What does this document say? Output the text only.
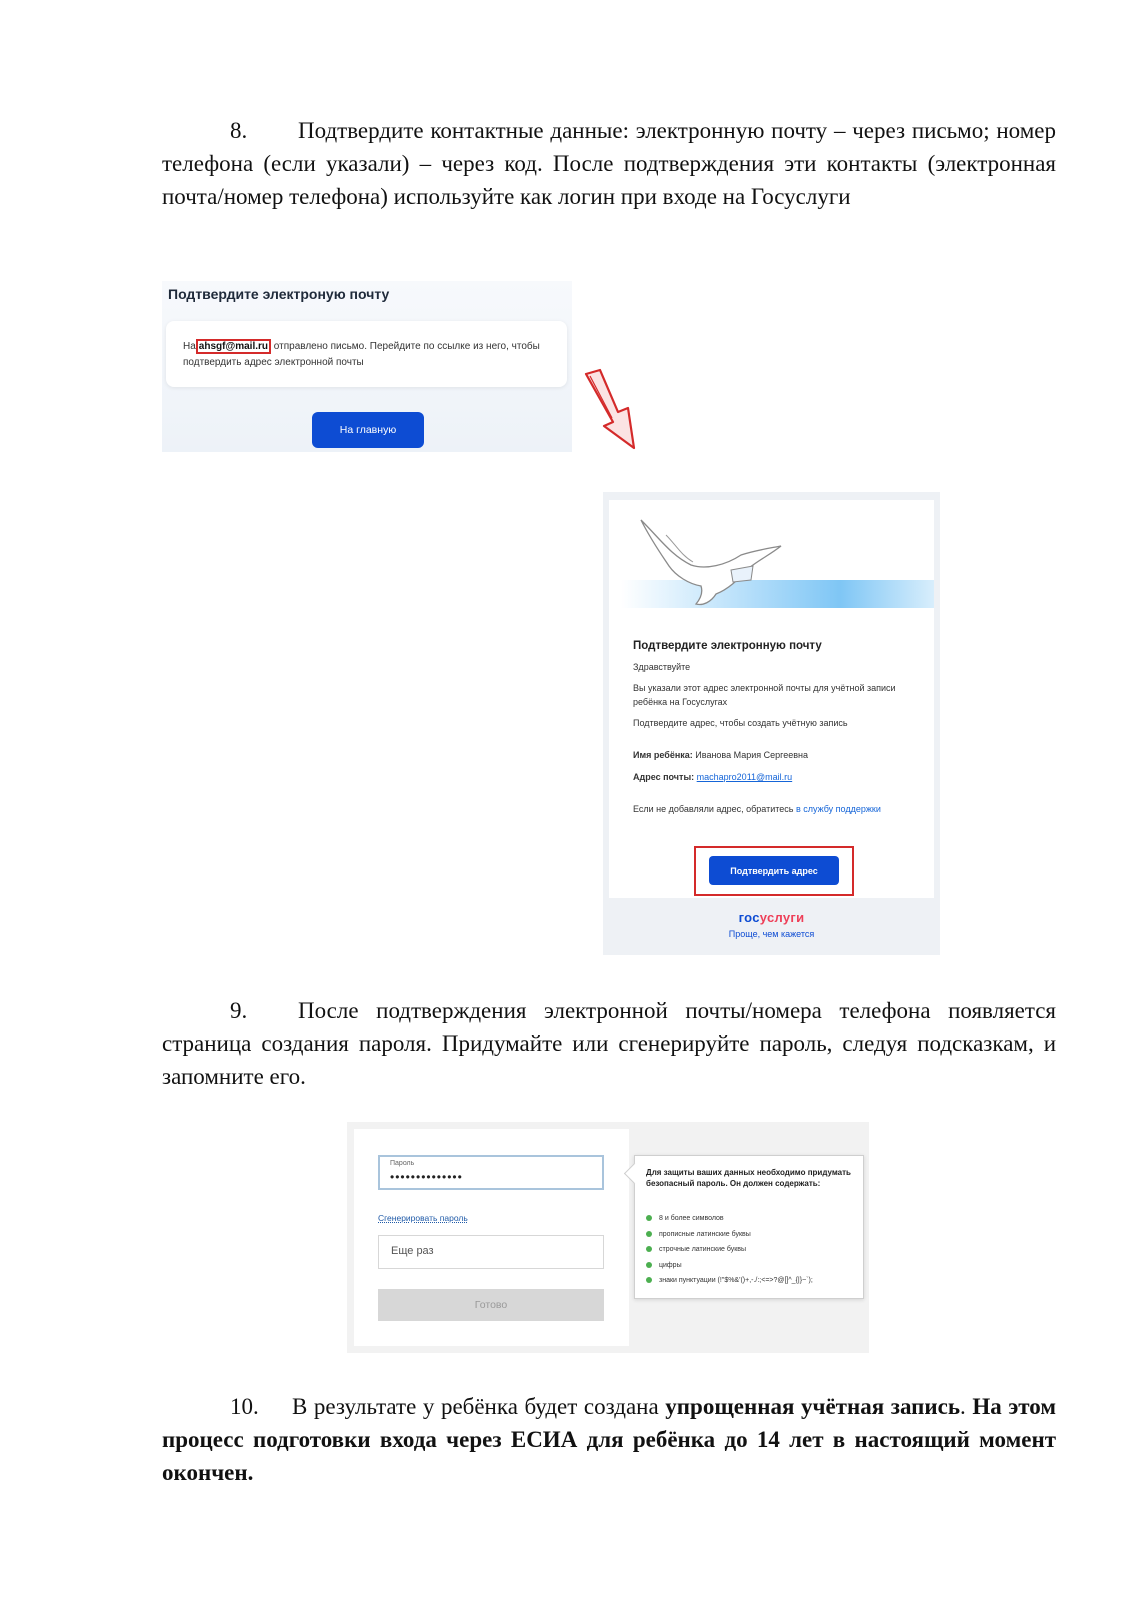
8. Подтвердите контактные данные: электронную почту – через письмо; номер телефона (если указали) – через код. После подтверждения эти контакты (электронная почта/номер телефона) используйте как логин при входе на Госуслуги

Подтвердите электроную почту
На ahsgf@mail.ru отправлено письмо. Перейдите по ссылке из него, чтобы подтвердить адрес электронной почты
На главную
Подтвердите электронную почту
Здравствуйте
Вы указали этот адрес электронной почты для учётной записи ребёнка на Госуслугах
Подтвердите адрес, чтобы создать учётную запись
Имя ребёнка: Иванова Мария Сергеевна
Адрес почты: machapro2011@mail.ru
Если не добавляли адрес, обратитесь в службу поддержки
Подтвердить адрес
госуслуги
Проще, чем кажется

9. После подтверждения электронной почты/номера телефона появляется страница создания пароля. Придумайте или сгенерируйте пароль, следуя подсказкам, и запомните его.

Пароль
••••••••••••••
Сгенерировать пароль
Еще раз
Готово
Для защиты ваших данных необходимо придумать безопасный пароль. Он должен содержать:
8 и более символов
прописные латинские буквы
строчные латинские буквы
цифры
знаки пунктуации (!"$%&'()+,-./:;<=>?@[]^_{|}~`);

10. В результате у ребёнка будет создана упрощенная учётная запись. На этом процесс подготовки входа через ЕСИА для ребёнка до 14 лет в настоящий момент окончен.
